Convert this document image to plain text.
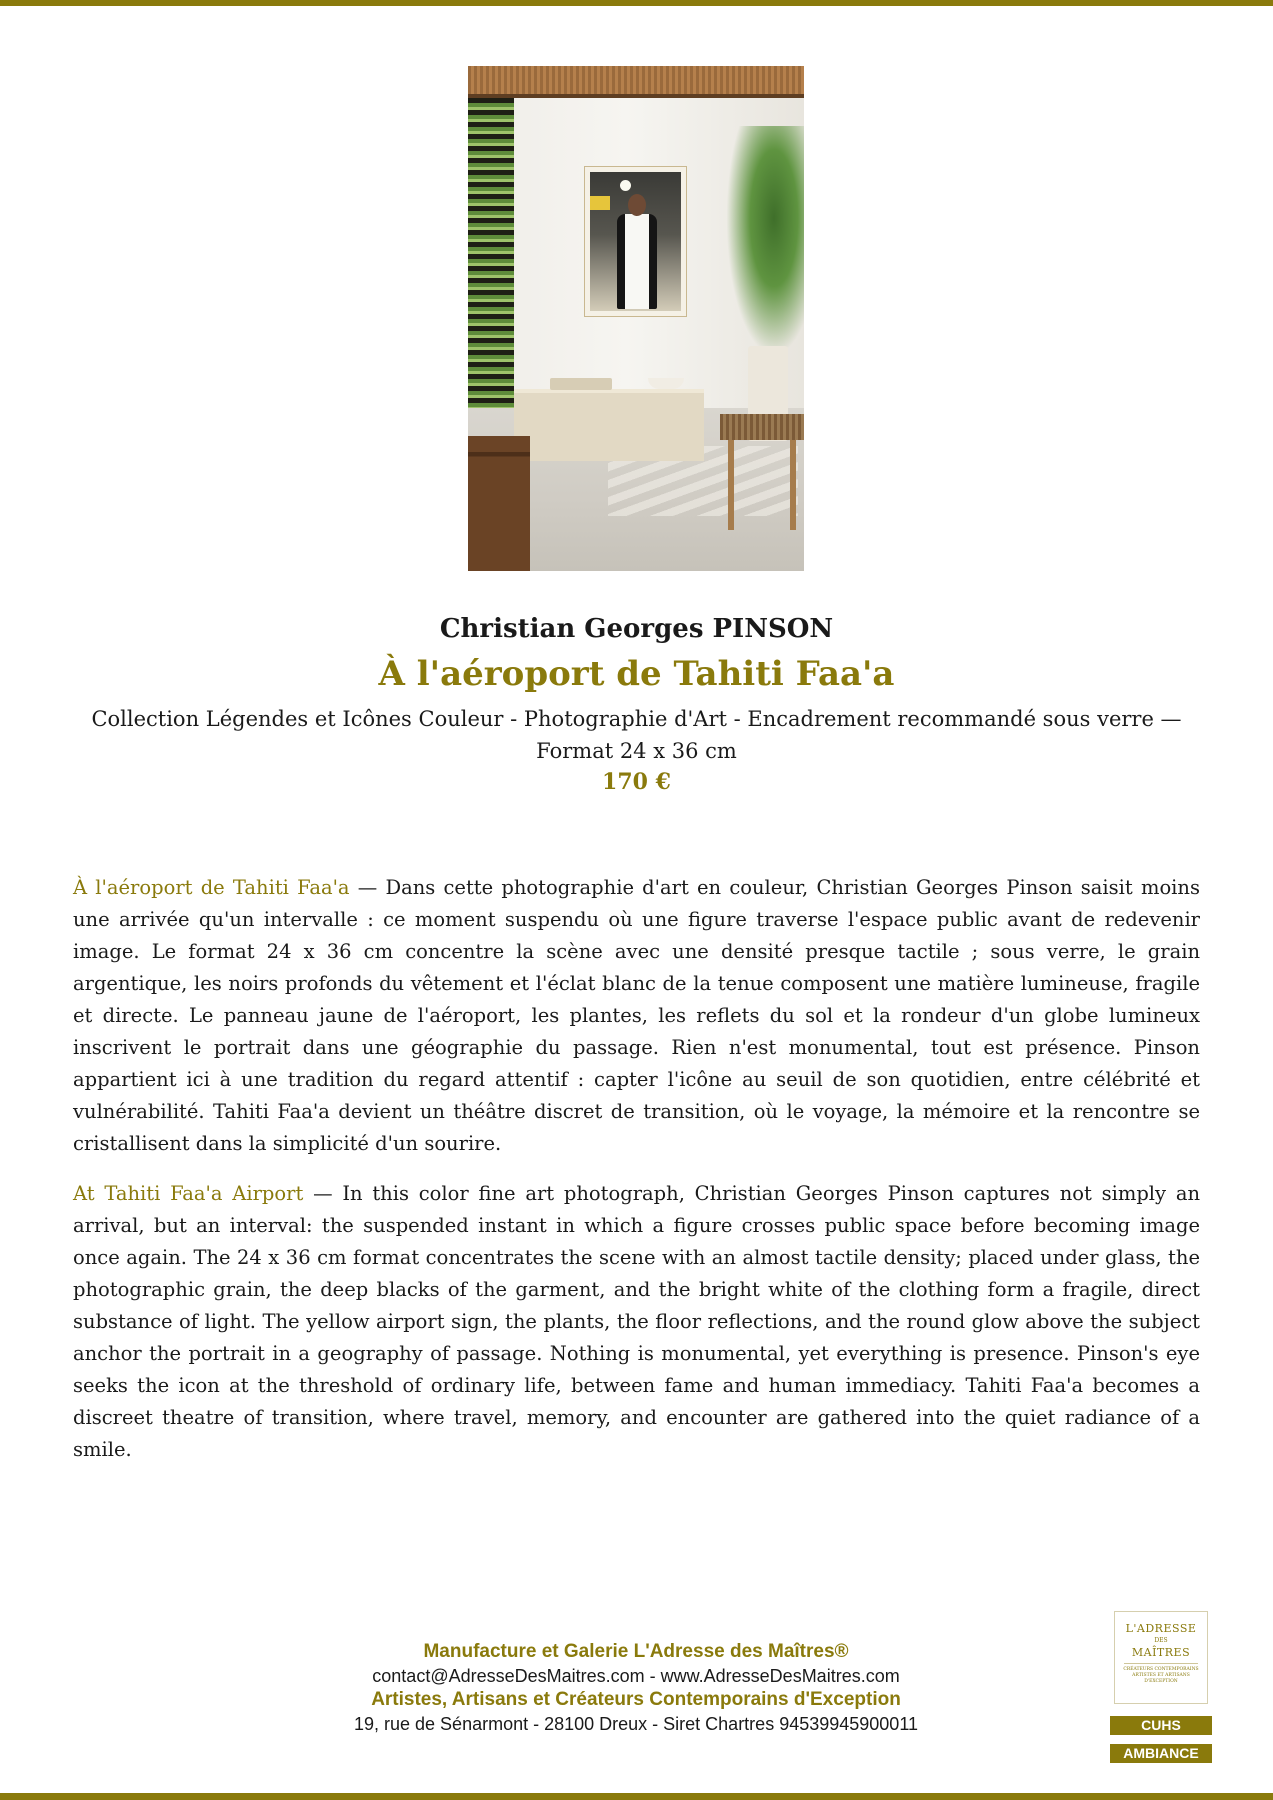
Christian Georges PINSON
À l'aéroport de Tahiti Faa'a
Collection Légendes et Icônes Couleur - Photographie d'Art - Encadrement recommandé sous verre — Format 24 x 36 cm
170 €

À l'aéroport de Tahiti Faa'a — Dans cette photographie d'art en couleur, Christian Georges Pinson saisit moins une arrivée qu'un intervalle : ce moment suspendu où une figure traverse l'espace public avant de redevenir image. Le format 24 x 36 cm concentre la scène avec une densité presque tactile ; sous verre, le grain argentique, les noirs profonds du vêtement et l'éclat blanc de la tenue composent une matière lumineuse, fragile et directe. Le panneau jaune de l'aéroport, les plantes, les reflets du sol et la rondeur d'un globe lumineux inscrivent le portrait dans une géographie du passage. Rien n'est monumental, tout est présence. Pinson appartient ici à une tradition du regard attentif : capter l'icône au seuil de son quotidien, entre célébrité et vulnérabilité. Tahiti Faa'a devient un théâtre discret de transition, où le voyage, la mémoire et la rencontre se cristallisent dans la simplicité d'un sourire.

At Tahiti Faa'a Airport — In this color fine art photograph, Christian Georges Pinson captures not simply an arrival, but an interval: the suspended instant in which a figure crosses public space before becoming image once again. The 24 x 36 cm format concentrates the scene with an almost tactile density; placed under glass, the photographic grain, the deep blacks of the garment, and the bright white of the clothing form a fragile, direct substance of light. The yellow airport sign, the plants, the floor reflections, and the round glow above the subject anchor the portrait in a geography of passage. Nothing is monumental, yet everything is presence. Pinson's eye seeks the icon at the threshold of ordinary life, between fame and human immediacy. Tahiti Faa'a becomes a discreet theatre of transition, where travel, memory, and encounter are gathered into the quiet radiance of a smile.

Manufacture et Galerie L'Adresse des Maîtres®
contact@AdresseDesMaitres.com - www.AdresseDesMaitres.com
Artistes, Artisans et Créateurs Contemporains d'Exception
19, rue de Sénarmont - 28100 Dreux - Siret Chartres 94539945900011
L'ADRESSE
DES
MAÎTRES
CRÉATEURS CONTEMPORAINS ARTISTES ET ARTISANS D'EXCEPTION
CUHS
AMBIANCE
